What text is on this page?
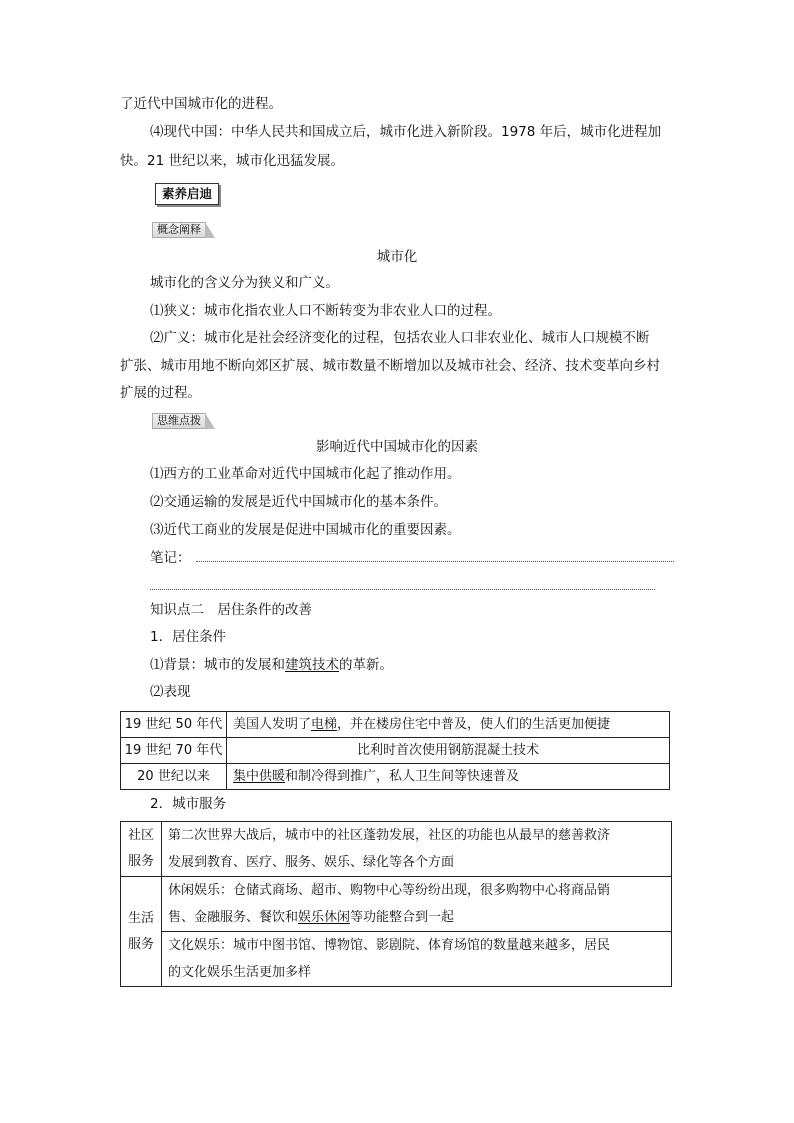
了近代中国城市化的进程。
⑷现代中国：中华人民共和国成立后，城市化进入新阶段。1978 年后，城市化进程加
快。21 世纪以来，城市化迅猛发展。
素养启迪
概念阐释
城市化
城市化的含义分为狭义和广义。
⑴狭义：城市化指农业人口不断转变为非农业人口的过程。
⑵广义：城市化是社会经济变化的过程，包括农业人口非农业化、城市人口规模不断
扩张、城市用地不断向郊区扩展、城市数量不断增加以及城市社会、经济、技术变革向乡村
扩展的过程。
思维点拨
影响近代中国城市化的因素
⑴西方的工业革命对近代中国城市化起了推动作用。
⑵交通运输的发展是近代中国城市化的基本条件。
⑶近代工商业的发展是促进中国城市化的重要因素。
笔记：
知识点二　居住条件的改善
1．居住条件
⑴背景：城市的发展和建筑技术的革新。
⑵表现
19 世纪 50 年代	美国人发明了电梯，并在楼房住宅中普及，使人们的生活更加便捷
19 世纪 70 年代	比利时首次使用钢筋混凝土技术
20 世纪以来	集中供暖和制冷得到推广，私人卫生间等快速普及
2．城市服务
社区
服务	第二次世界大战后，城市中的社区蓬勃发展，社区的功能也从最早的慈善救济
发展到教育、医疗、服务、娱乐、绿化等各个方面
生活
服务	休闲娱乐：仓储式商场、超市、购物中心等纷纷出现，很多购物中心将商品销
售、金融服务、餐饮和娱乐休闲等功能整合到一起
	文化娱乐：城市中图书馆、博物馆、影剧院、体育场馆的数量越来越多，居民
的文化娱乐生活更加多样
